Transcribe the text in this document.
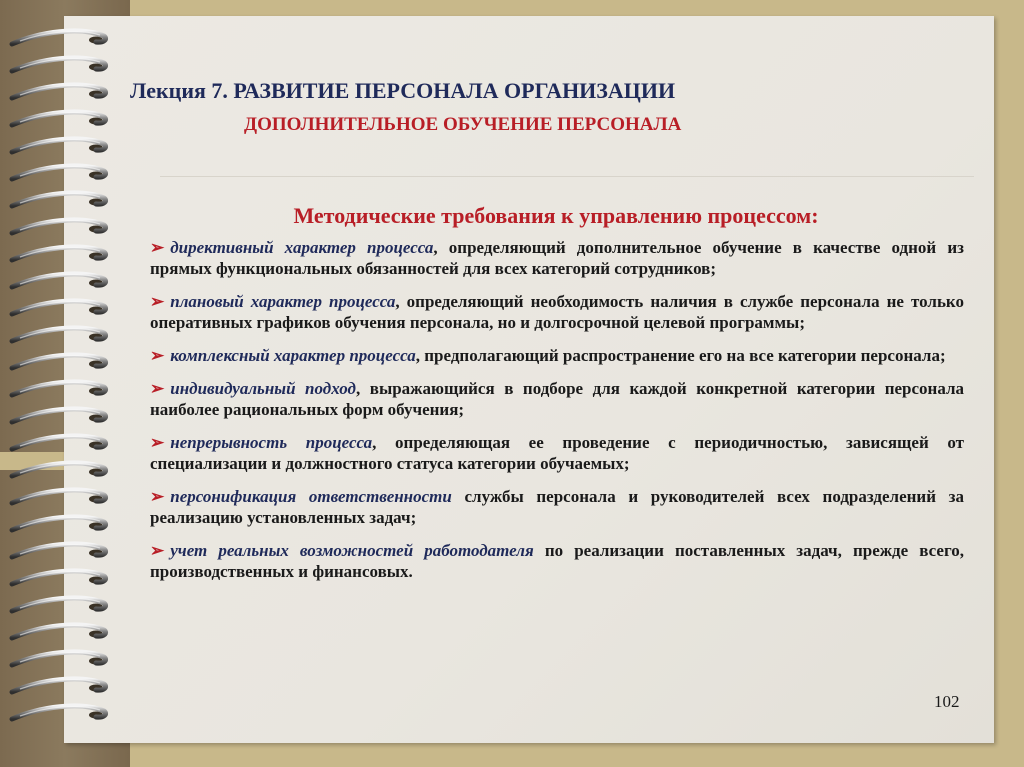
Лекция 7. РАЗВИТИЕ ПЕРСОНАЛА ОРГАНИЗАЦИИ
ДОПОЛНИТЕЛЬНОЕ ОБУЧЕНИЕ ПЕРСОНАЛА
Методические требования к управлению процессом:
➢ директивный характер процесса, определяющий дополнительное обучение в качестве одной из прямых функциональных обязанностей для всех категорий сотрудников;
➢ плановый характер процесса, определяющий необходимость наличия в службе персонала не только оперативных графиков обучения персонала, но и долгосрочной целевой программы;
➢ комплексный характер процесса, предполагающий распространение его на все категории персонала;
➢ индивидуальный подход, выражающийся в подборе для каждой конкретной категории персонала наиболее рациональных форм обучения;
➢ непрерывность процесса, определяющая ее проведение с периодичностью, зависящей от специализации и должностного статуса категории обучаемых;
➢ персонификация ответственности службы персонала и руководителей всех подразделений за реализацию установленных задач;
➢ учет реальных возможностей работодателя по реализации поставленных задач, прежде всего, производственных и финансовых.
102
